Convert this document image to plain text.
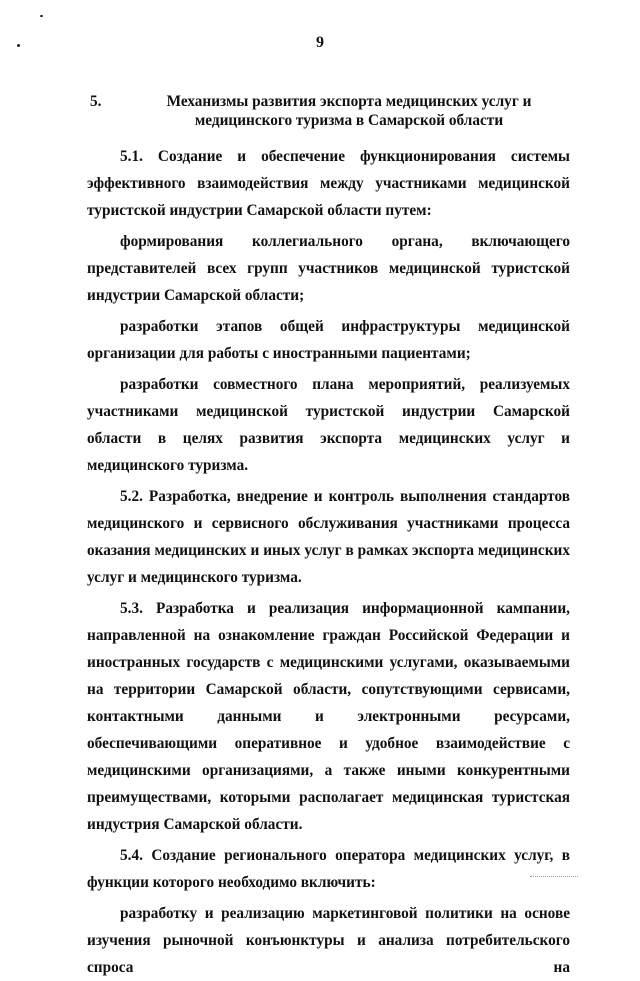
9
5.	Механизмы развития экспорта медицинских услуг и медицинского туризма в Самарской области

5.1. Создание и обеспечение функционирования системы эффективного взаимодействия между участниками медицинской туристской индустрии Самарской области путем:

формирования коллегиального органа, включающего представителей всех групп участников медицинской туристской индустрии Самарской области;

разработки этапов общей инфраструктуры медицинской организации для работы с иностранными пациентами;

разработки совместного плана мероприятий, реализуемых участниками медицинской туристской индустрии Самарской области в целях развития экспорта медицинских услуг и медицинского туризма.

5.2. Разработка, внедрение и контроль выполнения стандартов медицинского и сервисного обслуживания участниками процесса оказания медицинских и иных услуг в рамках экспорта медицинских услуг и медицинского туризма.

5.3. Разработка и реализация информационной кампании, направленной на ознакомление граждан Российской Федерации и иностранных государств с медицинскими услугами, оказываемыми на территории Самарской области, сопутствующими сервисами, контактными данными и электронными ресурсами, обеспечивающими оперативное и удобное взаимодействие с медицинскими организациями, а также иными конкурентными преимуществами, которыми располагает медицинская туристская индустрия Самарской области.

5.4. Создание регионального оператора медицинских услуг, в функции которого необходимо включить:

разработку и реализацию маркетинговой политики на основе изучения рыночной конъюнктуры и анализа потребительского спроса на
